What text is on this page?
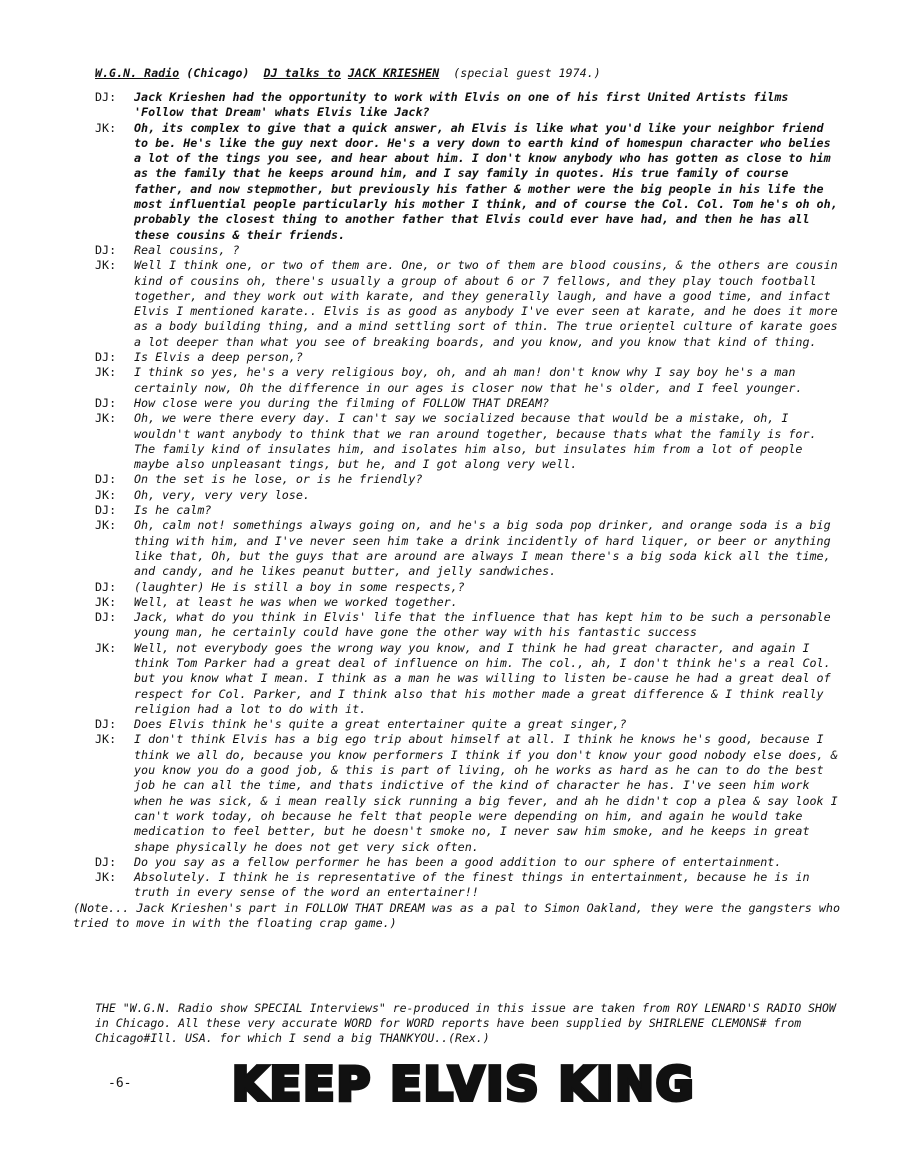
W.G.N. Radio (Chicago) DJ talks to JACK KRIESHEN (special guest 1974.)
DJ:	Jack Krieshen had the opportunity to work with Elvis on one of his first United Artists films 'Follow that Dream' whats Elvis like Jack?
JK:	Oh, its complex to give that a quick answer, ah Elvis is like what you'd like your neighbor friend to be. He's like the guy next door. He's a very down to earth kind of homespun character who belies a lot of the tings you see, and hear about him. I don't know anybody who has gotten as close to him as the family that he keeps around him, and I say family in quotes. His true family of course father, and now stepmother, but previously his father & mother were the big people in his life the most influential people particularly his mother I think, and of course the Col. Col. Tom he's oh oh, probably the closest thing to another father that Elvis could ever have had, and then he has all these cousins & their friends.
DJ:	Real cousins, ?
JK:	Well I think one, or two of them are. One, or two of them are blood cousins, & the others are cousin kind of cousins oh, there's usually a group of about 6 or 7 fellows, and they play touch football together, and they work out with karate, and they generally laugh, and have a good time, and infact Elvis I mentioned karate.. Elvis is as good as anybody I've ever seen at karate, and he does it more as a body building thing, and a mind settling sort of thin. The true orieņtel culture of karate goes a lot deeper than what you see of breaking boards, and you know, and you know that kind of thing.
DJ:	Is Elvis a deep person,?
JK:	I think so yes, he's a very religious boy, oh, and ah man! don't know why I say boy he's a man certainly now, Oh the difference in our ages is closer now that he's older, and I feel younger.
DJ:	How close were you during the filming of FOLLOW THAT DREAM?
JK:	Oh, we were there every day. I can't say we socialized because that would be a mistake, oh, I wouldn't want anybody to think that we ran around together, because thats what the family is for. The family kind of insulates him, and isolates him also, but insulates him from a lot of people maybe also unpleasant tings, but he, and I got along very well.
DJ:	On the set is he lose, or is he friendly?
JK:	Oh, very, very very lose.
DJ:	Is he calm?
JK:	Oh, calm not! somethings always going on, and he's a big soda pop drinker, and orange soda is a big thing with him, and I've never seen him take a drink incidently of hard liquer, or beer or anything like that, Oh, but the guys that are around are always I mean there's a big soda kick all the time, and candy, and he likes peanut butter, and jelly sandwiches.
DJ:	(laughter) He is still a boy in some respects,?
JK:	Well, at least he was when we worked together.
DJ:	Jack, what do you think in Elvis' life that the influence that has kept him to be such a personable young man, he certainly could have gone the other way with his fantastic success
JK:	Well, not everybody goes the wrong way you know, and I think he had great character, and again I think Tom Parker had a great deal of influence on him. The col., ah, I don't think he's a real Col. but you know what I mean. I think as a man he was willing to listen be-cause he had a great deal of respect for Col. Parker, and I think also that his mother made a great difference & I think really religion had a lot to do with it.
DJ:	Does Elvis think he's quite a great entertainer quite a great singer,?
JK:	I don't think Elvis has a big ego trip about himself at all. I think he knows he's good, because I think we all do, because you know performers I think if you don't know your good nobody else does, & you know you do a good job, & this is part of living, oh he works as hard as he can to do the best job he can all the time, and thats indictive of the kind of character he has. I've seen him work when he was sick, & i mean really sick running a big fever, and ah he didn't cop a plea & say look I can't work today, oh because he felt that people were depending on him, and again he would take medication to feel better, but he doesn't smoke no, I never saw him smoke, and he keeps in great shape physically he does not get very sick often.
DJ:	Do you say as a fellow performer he has been a good addition to our sphere of entertainment.
JK:	Absolutely. I think he is representative of the finest things in entertainment, because he is in truth in every sense of the word an entertainer!!
(Note... Jack Krieshen's part in FOLLOW THAT DREAM was as a pal to Simon Oakland, they were the gangsters who tried to move in with the floating crap game.)
THE "W.G.N. Radio show SPECIAL Interviews" re-produced in this issue are taken from ROY LENARD'S RADIO SHOW in Chicago. All these very accurate WORD for WORD reports have been supplied by SHIRLENE CLEMONS# from Chicago#Ill. USA. for which I send a big THANKYOU..(Rex.)
-6- KEEP ELVIS KING
